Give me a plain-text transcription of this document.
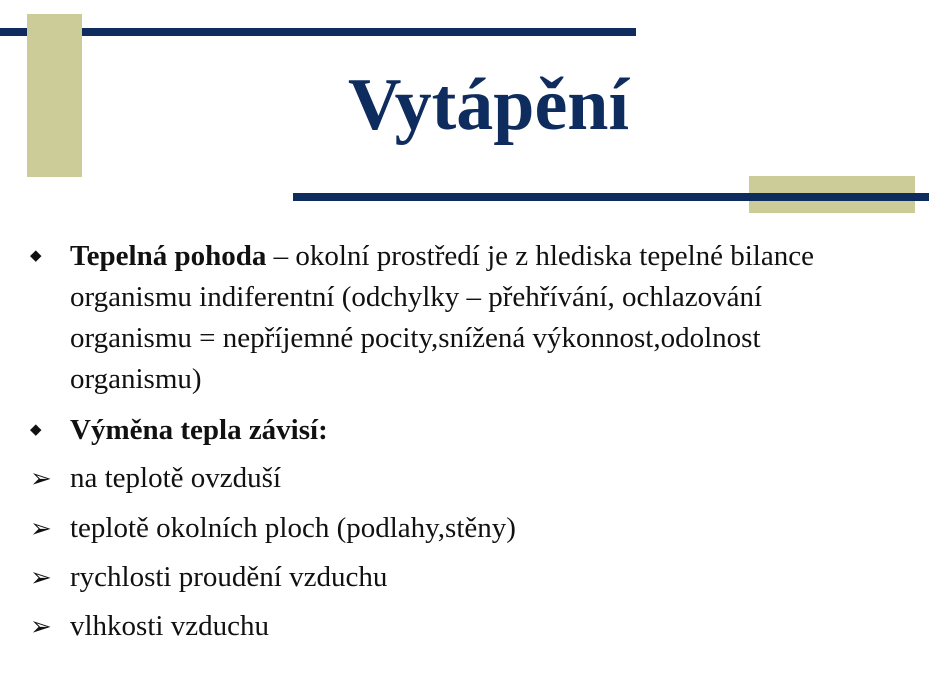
Vytápění
◆ Tepelná pohoda – okolní prostředí je z hlediska tepelné bilance organismu indiferentní (odchylky – přehřívání, ochlazování organismu = nepříjemné pocity,snížená výkonnost,odolnost organismu)
◆ Výměna tepla závisí:
➢ na teplotě ovzduší
➢ teplotě okolních ploch (podlahy,stěny)
➢ rychlosti proudění vzduchu
➢ vlhkosti vzduchu
